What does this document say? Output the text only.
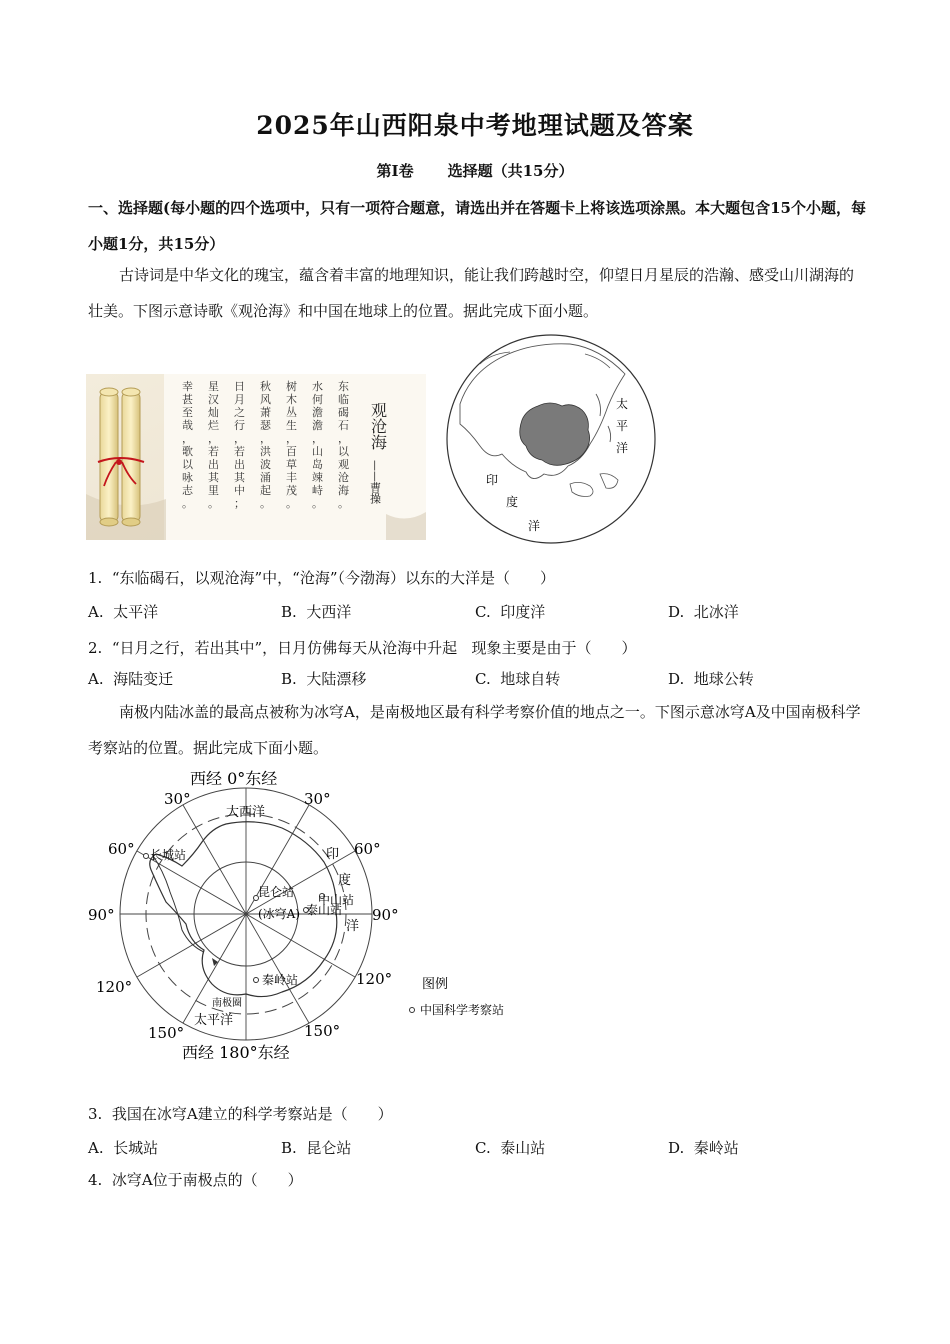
2025年山西阳泉中考地理试题及答案
第Ⅰ卷 选择题（共15分）
一、选择题(每小题的四个选项中，只有一项符合题意，请选出并在答题卡上将该选项涂黑。本大题包含15个小题，每小题1分，共15分）
古诗词是中华文化的瑰宝，蕴含着丰富的地理知识，能让我们跨越时空，仰望日月星辰的浩瀚、感受山川湖海的壮美。下图示意诗歌《观沧海》和中国在地球上的位置。据此完成下面小题。
东临碣石，以观沧海。
水何澹澹，山岛竦峙。
树木丛生，百草丰茂。
秋风萧瑟，洪波涌起。
日月之行，若出其中；
星汉灿烂，若出其里。
幸甚至哉，歌以咏志。
观沧海
——曹操
太
平
洋
印
度
洋
1.  “东临碣石，以观沧海”中，“沧海”（今渤海）以东的大洋是（　　）
A.  太平洋	B.  大西洋	C.  印度洋	D.  北冰洋
2.  “日月之行，若出其中”，日月仿佛每天从沧海中升起   现象主要是由于（　　）
A.  海陆变迁	B.  大陆漂移	C.  地球自转	D.  地球公转
南极内陆冰盖的最高点被称为冰穹A，是南极地区最有科学考察价值的地点之一。下图示意冰穹A及中国南极科学考察站的位置。据此完成下面小题。
西经 0°东经
西经 180°东经
30°	30°
60°	60°
90°	90°
120°	120°
150°	150°
大西洋
太平洋
南极圈
印
度
洋
长城站
昆仑站
(冰穹A)
中山站
泰山站
秦岭站	图例
中国科学考察站
3.  我国在冰穹A建立的科学考察站是（　　）
A.  长城站	B.  昆仑站	C.  泰山站	D.  秦岭站
4.  冰穹A位于南极点的（　　）
